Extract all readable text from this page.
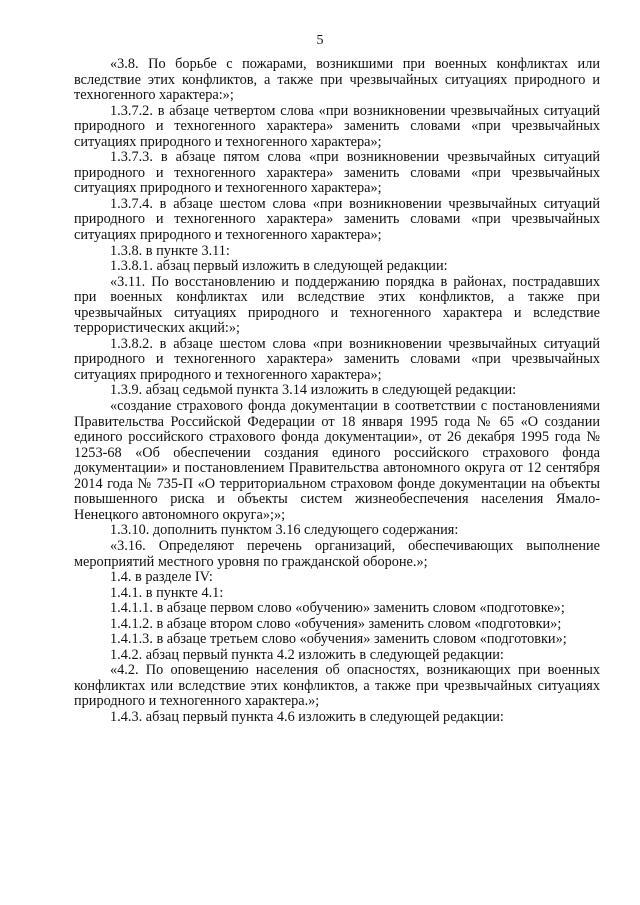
5

«3.8. По борьбе с пожарами, возникшими при военных конфликтах или вследствие этих конфликтов, а также при чрезвычайных ситуациях природного и техногенного характера:»;

1.3.7.2. в абзаце четвертом слова «при возникновении чрезвычайных ситуаций природного и техногенного характера» заменить словами «при чрезвычайных ситуациях природного и техногенного характера»;

1.3.7.3. в абзаце пятом слова «при возникновении чрезвычайных ситуаций природного и техногенного характера» заменить словами «при чрезвычайных ситуациях природного и техногенного характера»;

1.3.7.4. в абзаце шестом слова «при возникновении чрезвычайных ситуаций природного и техногенного характера» заменить словами «при чрезвычайных ситуациях природного и техногенного характера»;

1.3.8. в пункте 3.11:

1.3.8.1. абзац первый изложить в следующей редакции:

«3.11. По восстановлению и поддержанию порядка в районах, пострадавших при военных конфликтах или вследствие этих конфликтов, а также при чрезвычайных ситуациях природного и техногенного характера и вследствие террористических акций:»;

1.3.8.2. в абзаце шестом слова «при возникновении чрезвычайных ситуаций природного и техногенного характера» заменить словами «при чрезвычайных ситуациях природного и техногенного характера»;

1.3.9. абзац седьмой пункта 3.14 изложить в следующей редакции:

«создание страхового фонда документации в соответствии с постановлениями Правительства Российской Федерации от 18 января 1995 года № 65 «О создании единого российского страхового фонда документации», от 26 декабря 1995 года № 1253-68 «Об обеспечении создания единого российского страхового фонда документации» и постановлением Правительства автономного округа от 12 сентября 2014 года № 735-П «О территориальном страховом фонде документации на объекты повышенного риска и объекты систем жизнеобеспечения населения Ямало-Ненецкого автономного округа»;»;

1.3.10. дополнить пунктом 3.16 следующего содержания:

«3.16. Определяют перечень организаций, обеспечивающих выполнение мероприятий местного уровня по гражданской обороне.»;

1.4. в разделе IV:

1.4.1. в пункте 4.1:

1.4.1.1. в абзаце первом слово «обучению» заменить словом «подготовке»;

1.4.1.2. в абзаце втором слово «обучения» заменить словом «подготовки»;

1.4.1.3. в абзаце третьем слово «обучения» заменить словом «подготовки»;

1.4.2. абзац первый пункта 4.2 изложить в следующей редакции:

«4.2. По оповещению населения об опасностях, возникающих при военных конфликтах или вследствие этих конфликтов, а также при чрезвычайных ситуациях природного и техногенного характера.»;

1.4.3. абзац первый пункта 4.6 изложить в следующей редакции:
